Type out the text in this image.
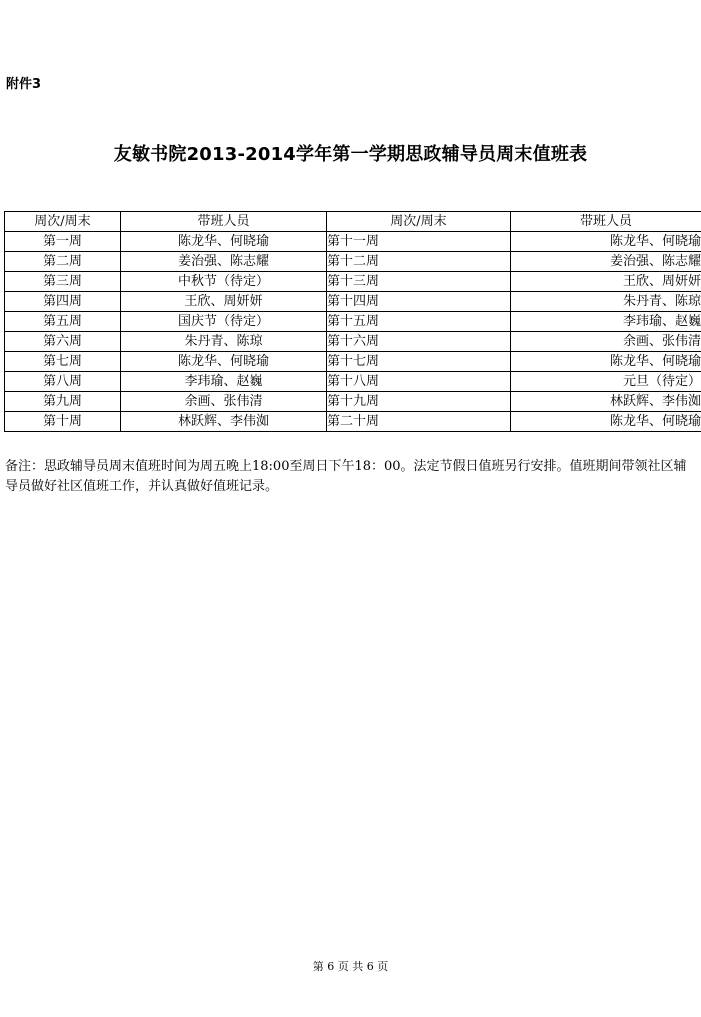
附件3
友敏书院2013-2014学年第一学期思政辅导员周末值班表
周次/周末	带班人员	周次/周末	带班人员
第一周	陈龙华、何晓瑜	第十一周	陈龙华、何晓瑜
第二周	姜治强、陈志耀	第十二周	姜治强、陈志耀
第三周	中秋节（待定）	第十三周	王欣、周妍妍
第四周	王欣、周妍妍	第十四周	朱丹青、陈琼
第五周	国庆节（待定）	第十五周	李玮瑜、赵巍
第六周	朱丹青、陈琼	第十六周	余画、张伟清
第七周	陈龙华、何晓瑜	第十七周	陈龙华、何晓瑜
第八周	李玮瑜、赵巍	第十八周	元旦（待定）
第九周	余画、张伟清	第十九周	林跃辉、李伟洳
第十周	林跃辉、李伟洳	第二十周	陈龙华、何晓瑜
备注：思政辅导员周末值班时间为周五晚上18:00至周日下午18：00。法定节假日值班另行安排。值班期间带领社区辅导员做好社区值班工作，并认真做好值班记录。
第 6 页 共 6 页
